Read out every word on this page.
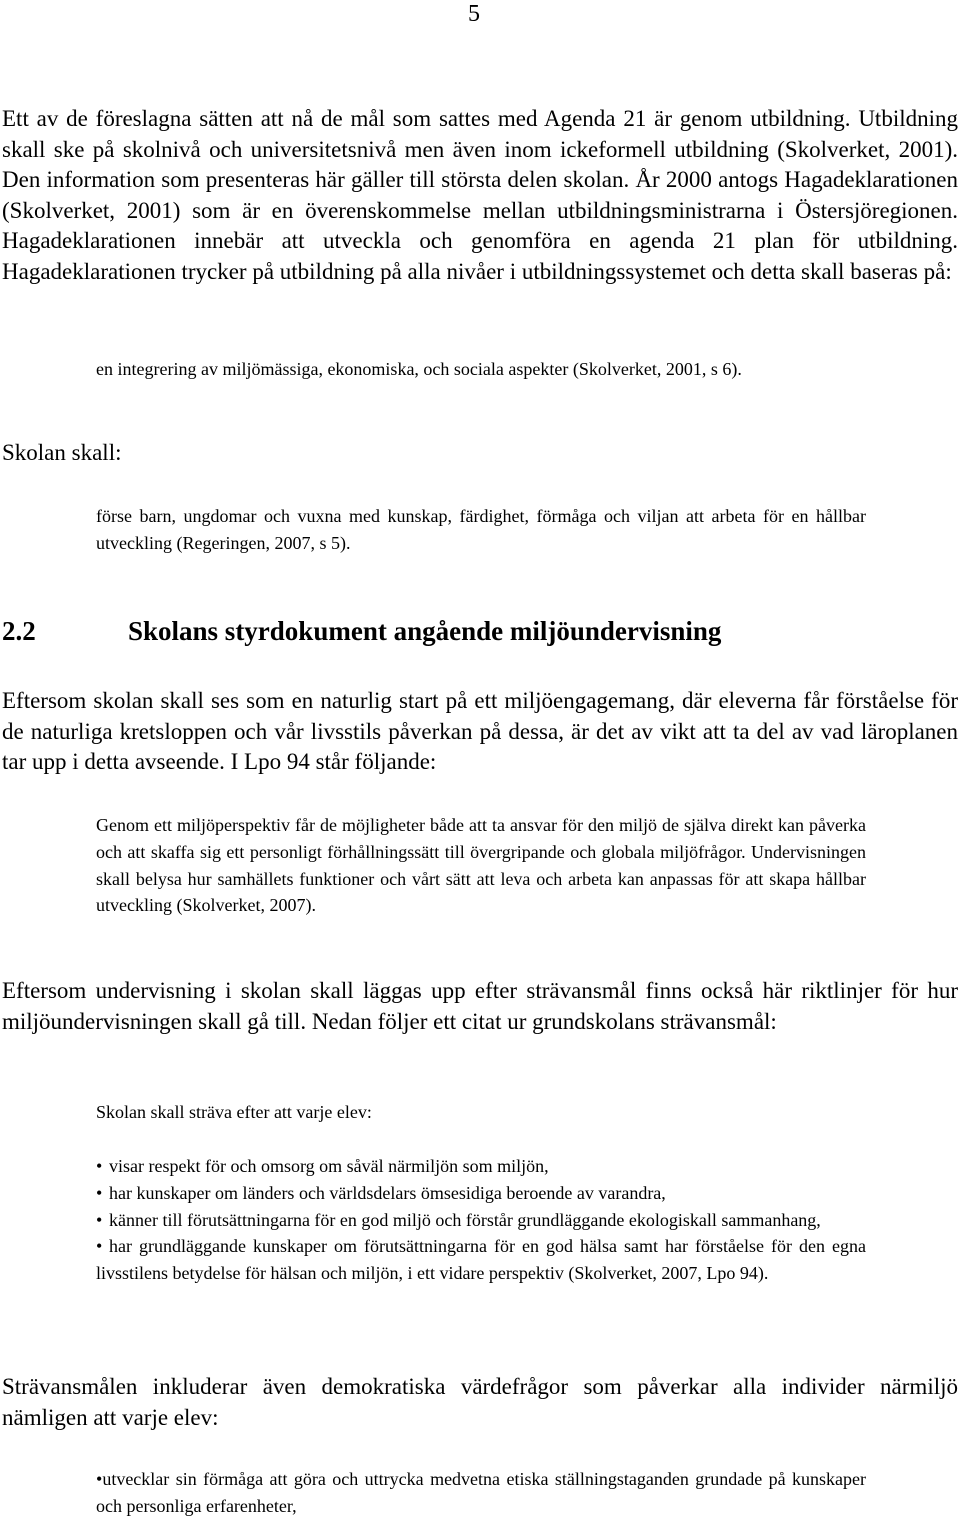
5

Ett av de föreslagna sätten att nå de mål som sattes med Agenda 21 är genom utbildning. Utbildning skall ske på skolnivå och universitetsnivå men även inom ickeformell utbildning (Skolverket, 2001). Den information som presenteras här gäller till största delen skolan. År 2000 antogs Hagadeklarationen (Skolverket, 2001) som är en överenskommelse mellan utbildningsministrarna i Östersjöregionen. Hagadeklarationen innebär att utveckla och genomföra en agenda 21 plan för utbildning. Hagadeklarationen trycker på utbildning på alla nivåer i utbildningssystemet och detta skall baseras på:

en integrering av miljömässiga, ekonomiska, och sociala aspekter (Skolverket, 2001, s 6).

Skolan skall:

förse barn, ungdomar och vuxna med kunskap, färdighet, förmåga och viljan att arbeta för en hållbar utveckling (Regeringen, 2007, s 5).

2.2	Skolans styrdokument angående miljöundervisning

Eftersom skolan skall ses som en naturlig start på ett miljöengagemang, där eleverna får förståelse för de naturliga kretsloppen och vår livsstils påverkan på dessa, är det av vikt att ta del av vad läroplanen tar upp i detta avseende. I Lpo 94 står följande:

Genom ett miljöperspektiv får de möjligheter både att ta ansvar för den miljö de själva direkt kan påverka och att skaffa sig ett personligt förhållningssätt till övergripande och globala miljöfrågor. Undervisningen skall belysa hur samhällets funktioner och vårt sätt att leva och arbeta kan anpassas för att skapa hållbar utveckling (Skolverket, 2007).

Eftersom undervisning i skolan skall läggas upp efter strävansmål finns också här riktlinjer för hur miljöundervisningen skall gå till. Nedan följer ett citat ur grundskolans strävansmål:

Skolan skall sträva efter att varje elev:

• visar respekt för och omsorg om såväl närmiljön som miljön,

• har kunskaper om länders och världsdelars ömsesidiga beroende av varandra,

• känner till förutsättningarna för en god miljö och förstår grundläggande ekologiskall sammanhang,

• har grundläggande kunskaper om förutsättningarna för en god hälsa samt har förståelse för den egna livsstilens betydelse för hälsan och miljön, i ett vidare perspektiv (Skolverket, 2007, Lpo 94).

Strävansmålen inkluderar även demokratiska värdefrågor som påverkar alla individer närmiljö nämligen att varje elev:

•utvecklar sin förmåga att göra och uttrycka medvetna etiska ställningstaganden grundade på kunskaper och personliga erfarenheter,
